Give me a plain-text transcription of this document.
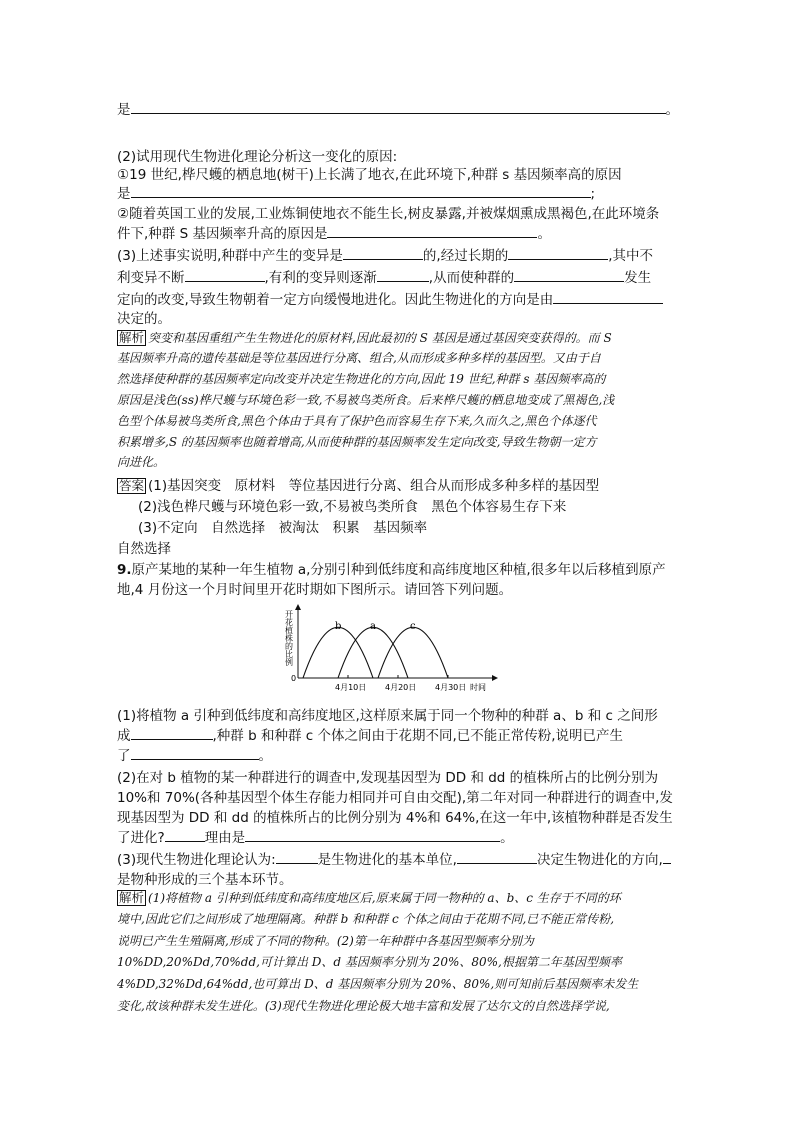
是	。
(2)试用现代生物进化理论分析这一变化的原因:
①19 世纪,桦尺蠖的栖息地(树干)上长满了地衣,在此环境下,种群 s 基因频率高的原因
是	;
②随着英国工业的发展,工业炼铜使地衣不能生长,树皮暴露,并被煤烟熏成黑褐色,在此环境条
件下,种群 S 基因频率升高的原因是	。
(3)上述事实说明,种群中产生的变异是	的,经过长期的	,其中不
利变异不断	,有利的变异则逐渐	,从而使种群的	发生
定向的改变,导致生物朝着一定方向缓慢地进化。因此生物进化的方向是由
决定的。
解析 突变和基因重组产生生物进化的原材料,因此最初的 S 基因是通过基因突变获得的。而 S
基因频率升高的遗传基础是等位基因进行分离、组合,从而形成多种多样的基因型。又由于自
然选择使种群的基因频率定向改变并决定生物进化的方向,因此 19 世纪,种群 s 基因频率高的
原因是浅色(ss)桦尺蠖与环境色彩一致,不易被鸟类所食。后来桦尺蠖的栖息地变成了黑褐色,浅
色型个体易被鸟类所食,黑色个体由于具有了保护色而容易生存下来,久而久之,黑色个体逐代
积累增多,S 的基因频率也随着增高,从而使种群的基因频率发生定向改变,导致生物朝一定方
向进化。
答案 (1)基因突变　原材料　等位基因进行分离、组合从而形成多种多样的基因型
(2)浅色桦尺蠖与环境色彩一致,不易被鸟类所食　黑色个体容易生存下来
(3)不定向　自然选择　被淘汰　积累　基因频率
自然选择
9.原产某地的某种一年生植物 a,分别引种到低纬度和高纬度地区种植,很多年以后移植到原产
地,4 月份这一个月时间里开花时期如下图所示。请回答下列问题。
开花植株的比例
0
4月10日 4月20日 4月30日 时间
b	a	c
(1)将植物 a 引种到低纬度和高纬度地区,这样原来属于同一个物种的种群 a、b 和 c 之间形
成	,种群 b 和种群 c 个体之间由于花期不同,已不能正常传粉,说明已产生
了	。
(2)在对 b 植物的某一种群进行的调查中,发现基因型为 DD 和 dd 的植株所占的比例分别为
10%和 70%(各种基因型个体生存能力相同并可自由交配),第二年对同一种群进行的调查中,发
现基因型为 DD 和 dd 的植株所占的比例分别为 4%和 64%,在这一年中,该植物种群是否发生
了进化?	理由是	。
(3)现代生物进化理论认为:	是生物进化的基本单位,	决定生物进化的方向,
是物种形成的三个基本环节。
解析 (1)将植物 a 引种到低纬度和高纬度地区后,原来属于同一物种的 a、b、c 生存于不同的环
境中,因此它们之间形成了地理隔离。种群 b 和种群 c 个体之间由于花期不同,已不能正常传粉,
说明已产生生殖隔离,形成了不同的物种。(2)第一年种群中各基因型频率分别为
10%DD,20%Dd,70%dd,可计算出 D、d 基因频率分别为 20%、80%,根据第二年基因型频率
4%DD,32%Dd,64%dd,也可算出 D、d 基因频率分别为 20%、80%,则可知前后基因频率未发生
变化,故该种群未发生进化。(3)现代生物进化理论极大地丰富和发展了达尔文的自然选择学说,
